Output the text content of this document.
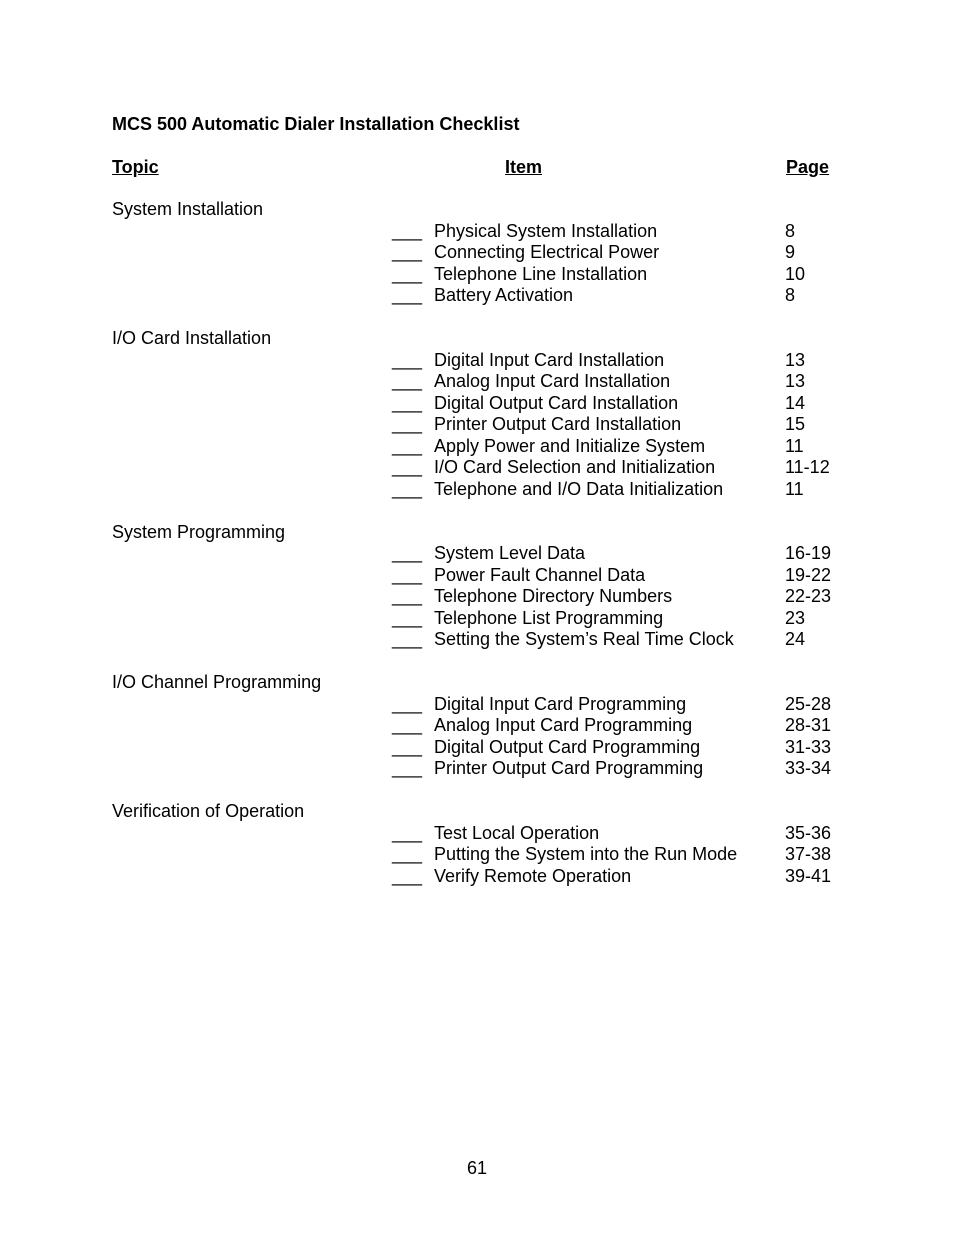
MCS 500 Automatic Dialer Installation Checklist
Topic	Item	Page
System Installation
___ Physical System Installation	8
___ Connecting Electrical Power	9
___ Telephone Line Installation	10
___ Battery Activation	8
I/O Card Installation
___ Digital Input Card Installation	13
___ Analog Input Card Installation	13
___ Digital Output Card Installation	14
___ Printer Output Card Installation	15
___ Apply Power and Initialize System	11
___ I/O Card Selection and Initialization	11-12
___ Telephone and I/O Data Initialization	11
System Programming
___ System Level Data	16-19
___ Power Fault Channel Data	19-22
___ Telephone Directory Numbers	22-23
___ Telephone List Programming	23
___ Setting the System’s Real Time Clock	24
I/O Channel Programming
___ Digital Input Card Programming	25-28
___ Analog Input Card Programming	28-31
___ Digital Output Card Programming	31-33
___ Printer Output Card Programming	33-34
Verification of Operation
___ Test Local Operation	35-36
___ Putting the System into the Run Mode	37-38
___ Verify Remote Operation	39-41
61
